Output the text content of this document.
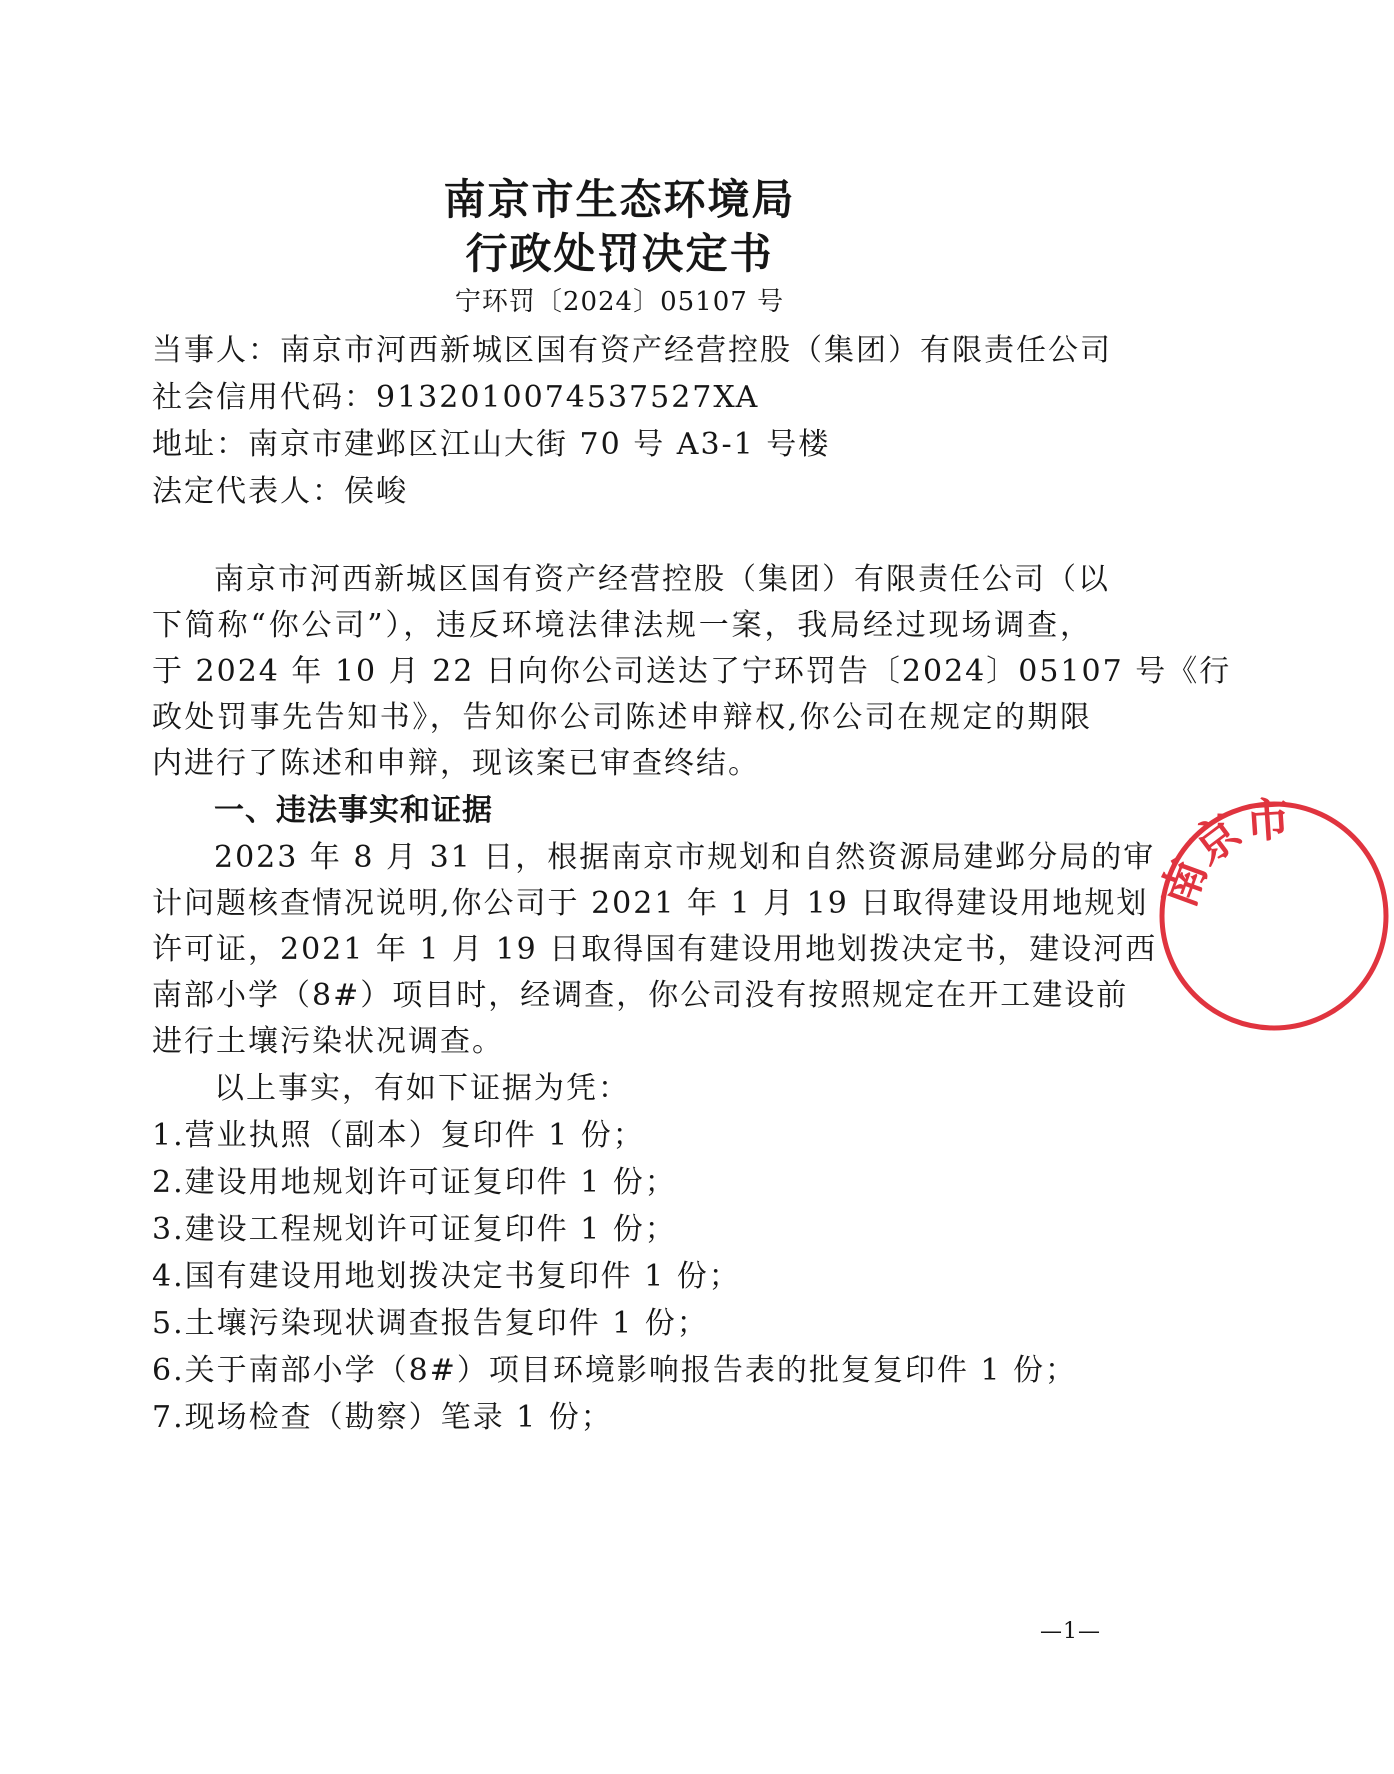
南京市生态环境局
行政处罚决定书
宁环罚〔2024〕05107 号
当事人：南京市河西新城区国有资产经营控股（集团）有限责任公司
社会信用代码：9132010074537527XA
地址：南京市建邺区江山大街 70 号 A3-1 号楼
法定代表人：侯峻
南京市河西新城区国有资产经营控股（集团）有限责任公司（以
下简称“你公司”），违反环境法律法规一案，我局经过现场调查，
于 2024 年 10 月 22 日向你公司送达了宁环罚告〔2024〕05107 号《行
政处罚事先告知书》，告知你公司陈述申辩权,你公司在规定的期限
内进行了陈述和申辩，现该案已审查终结。
一、违法事实和证据
2023 年 8 月 31 日，根据南京市规划和自然资源局建邺分局的审
计问题核查情况说明,你公司于 2021 年 1 月 19 日取得建设用地规划
许可证，2021 年 1 月 19 日取得国有建设用地划拨决定书，建设河西
南部小学（8#）项目时，经调查，你公司没有按照规定在开工建设前
进行土壤污染状况调查。
以上事实，有如下证据为凭：
1.营业执照（副本）复印件 1 份；
2.建设用地规划许可证复印件 1 份；
3.建设工程规划许可证复印件 1 份；
4.国有建设用地划拨决定书复印件 1 份；
5.土壤污染现状调查报告复印件 1 份；
6.关于南部小学（8#）项目环境影响报告表的批复复印件 1 份；
7.现场检查（勘察）笔录 1 份；
—1—
南京市
